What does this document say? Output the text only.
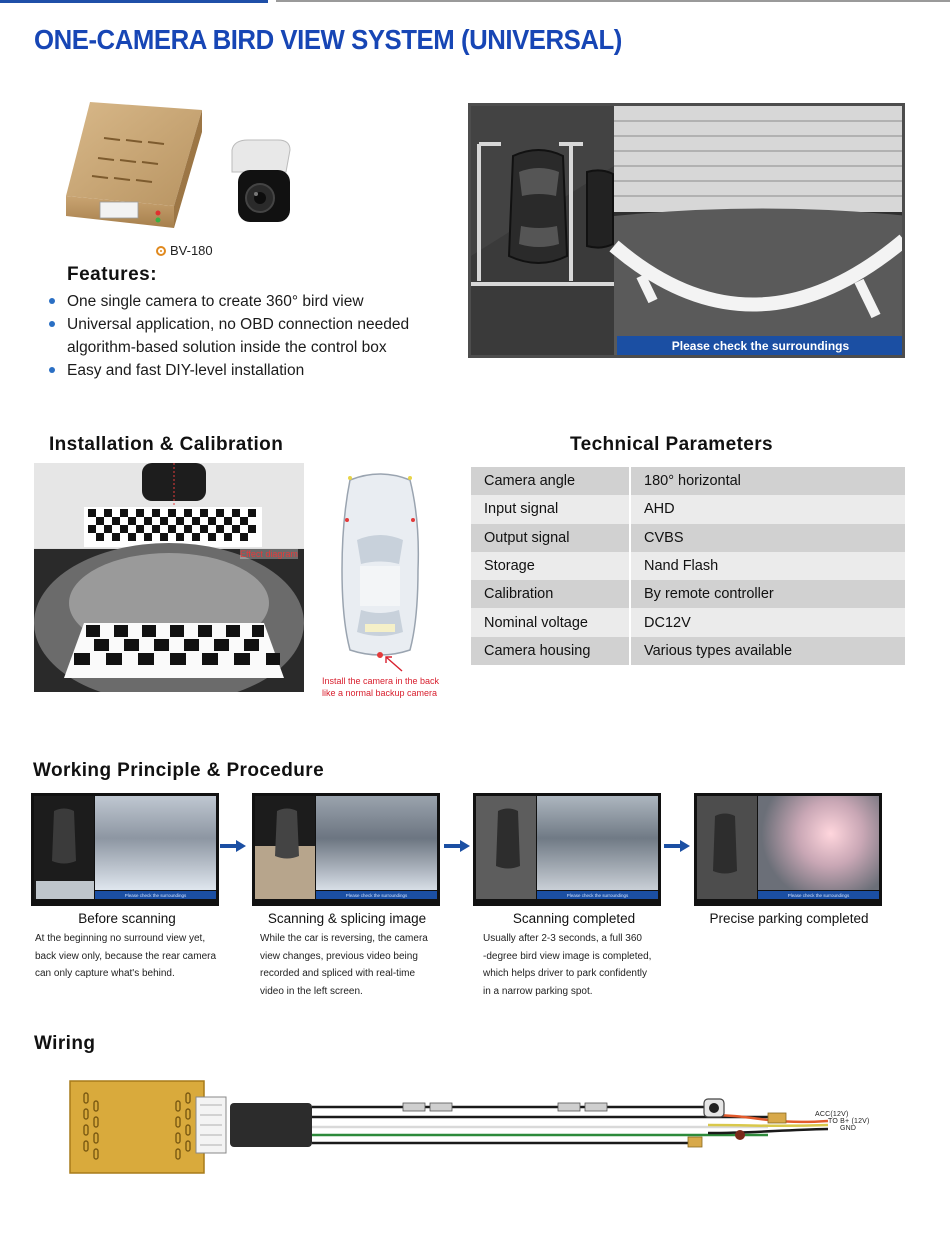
ONE-CAMERA BIRD VIEW SYSTEM (UNIVERSAL)
BV-180
Features:
One single camera to create 360° bird view
Universal application, no OBD connection needed
algorithm-based solution inside the control box
Easy and fast DIY-level installation
Please check the surroundings
Installation & Calibration
Effect diagram
Install the camera in the back
like a normal backup camera
Technical Parameters
Camera angle	180° horizontal
Input signal	AHD
Output signal	CVBS
Storage	Nand Flash
Calibration	By remote controller
Nominal voltage	DC12V
Camera housing	Various types available
Working Principle & Procedure
Please check the surroundings	Please check the surroundings	Please check the surroundings	Please check the surroundings
Before scanning	Scanning & splicing image	Scanning completed	Precise parking completed
At the beginning no surround view yet,
back view only, because the rear camera
can only capture what's behind.
While the car is reversing, the camera
view changes, previous video being
recorded and spliced with real-time
video in the left screen.
Usually after 2-3 seconds, a full 360
-degree bird view image is completed,
which helps driver to park confidently
in a narrow parking spot.
Wiring
ACC(12V)
TO B+ (12V)
GND
